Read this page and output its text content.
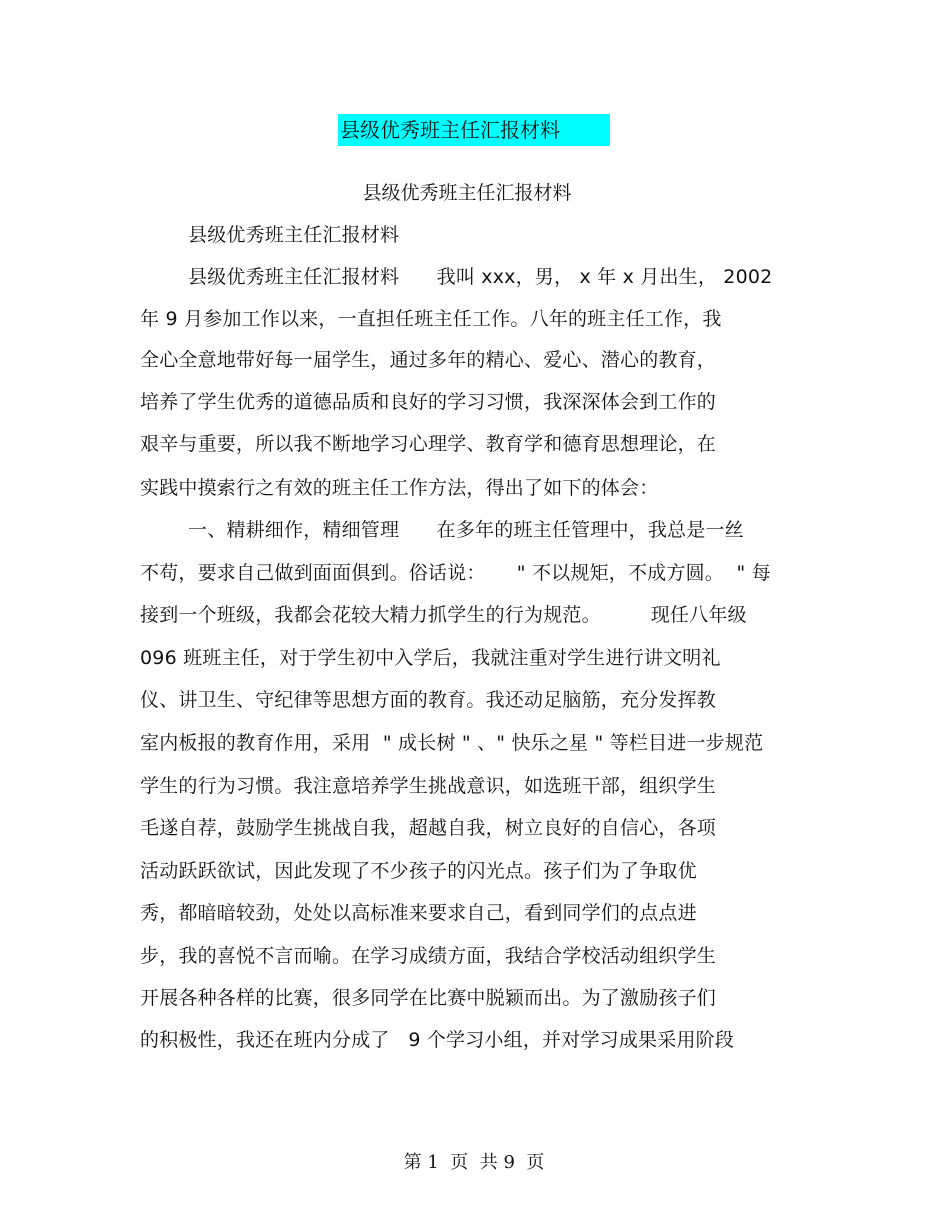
县级优秀班主任汇报材料
县级优秀班主任汇报材料
县级优秀班主任汇报材料
县级优秀班主任汇报材料      我叫 xxx，男， x 年 x 月出生， 2002
年 9 月参加工作以来，一直担任班主任工作。八年的班主任工作，我
全心全意地带好每一届学生，通过多年的精心、爱心、潜心的教育，
培养了学生优秀的道德品质和良好的学习习惯，我深深体会到工作的
艰辛与重要，所以我不断地学习心理学、教育学和德育思想理论，在
实践中摸索行之有效的班主任工作方法，得出了如下的体会：
一、精耕细作，精细管理      在多年的班主任管理中，我总是一丝
不苟，要求自己做到面面俱到。俗话说：     " 不以规矩，不成方圆。  " 每
接到一个班级，我都会花较大精力抓学生的行为规范。        现任八年级
096 班班主任，对于学生初中入学后，我就注重对学生进行讲文明礼
仪、讲卫生、守纪律等思想方面的教育。我还动足脑筋，充分发挥教
室内板报的教育作用，采用  " 成长树 " 、" 快乐之星 " 等栏目进一步规范
学生的行为习惯。我注意培养学生挑战意识，如选班干部，组织学生
毛遂自荐，鼓励学生挑战自我，超越自我，树立良好的自信心，各项
活动跃跃欲试，因此发现了不少孩子的闪光点。孩子们为了争取优
秀，都暗暗较劲，处处以高标准来要求自己，看到同学们的点点进
步，我的喜悦不言而喻。在学习成绩方面，我结合学校活动组织学生
开展各种各样的比赛，很多同学在比赛中脱颖而出。为了激励孩子们
的积极性，我还在班内分成了   9 个学习小组，并对学习成果采用阶段
第 1  页  共 9  页
